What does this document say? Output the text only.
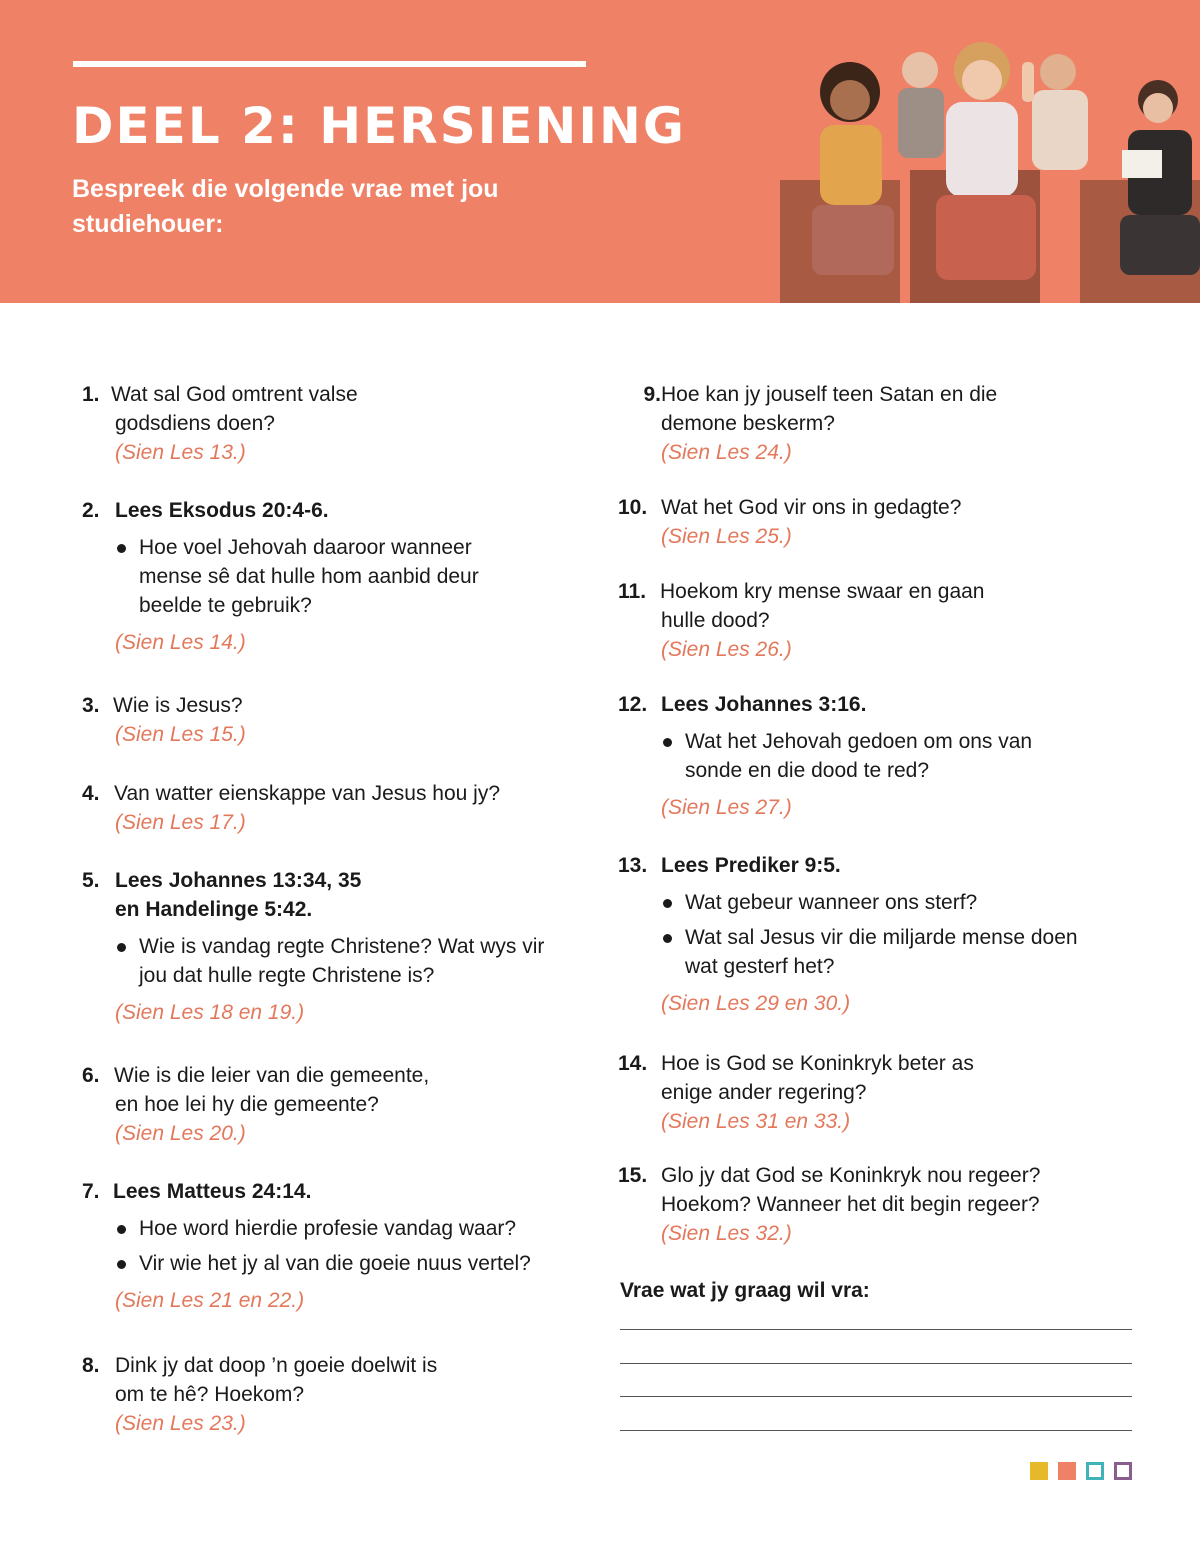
DEEL 2: HERSIENING

Bespreek die volgende vrae met jou studiehouer:

1. Wat sal God omtrent valse
godsdiens doen?
(Sien Les 13.)
2. Lees Eksodus 20:4-6.
Hoe voel Jehovah daaroor wanneer mense sê dat hulle hom aanbid deur beelde te gebruik?
(Sien Les 14.)
3. Wie is Jesus?
(Sien Les 15.)
4. Van watter eienskappe van Jesus hou jy?
(Sien Les 17.)
5. Lees Johannes 13:34, 35
en Handelinge 5:42.
Wie is vandag regte Christene? Wat wys vir jou dat hulle regte Christene is?
(Sien Les 18 en 19.)
6. Wie is die leier van die gemeente,
en hoe lei hy die gemeente?
(Sien Les 20.)
7. Lees Matteus 24:14.
Hoe word hierdie profesie vandag waar?
Vir wie het jy al van die goeie nuus vertel?
(Sien Les 21 en 22.)
8. Dink jy dat doop ’n goeie doelwit is
om te hê? Hoekom?
(Sien Les 23.)
9. Hoe kan jy jouself teen Satan en die
demone beskerm?
(Sien Les 24.)
10. Wat het God vir ons in gedagte?
(Sien Les 25.)
11. Hoekom kry mense swaar en gaan
hulle dood?
(Sien Les 26.)
12. Lees Johannes 3:16.
Wat het Jehovah gedoen om ons van sonde en die dood te red?
(Sien Les 27.)
13. Lees Prediker 9:5.
Wat gebeur wanneer ons sterf?
Wat sal Jesus vir die miljarde mense doen wat gesterf het?
(Sien Les 29 en 30.)
14. Hoe is God se Koninkryk beter as
enige ander regering?
(Sien Les 31 en 33.)
15. Glo jy dat God se Koninkryk nou regeer?
Hoekom? Wanneer het dit begin regeer?
(Sien Les 32.)

Vrae wat jy graag wil vra:
